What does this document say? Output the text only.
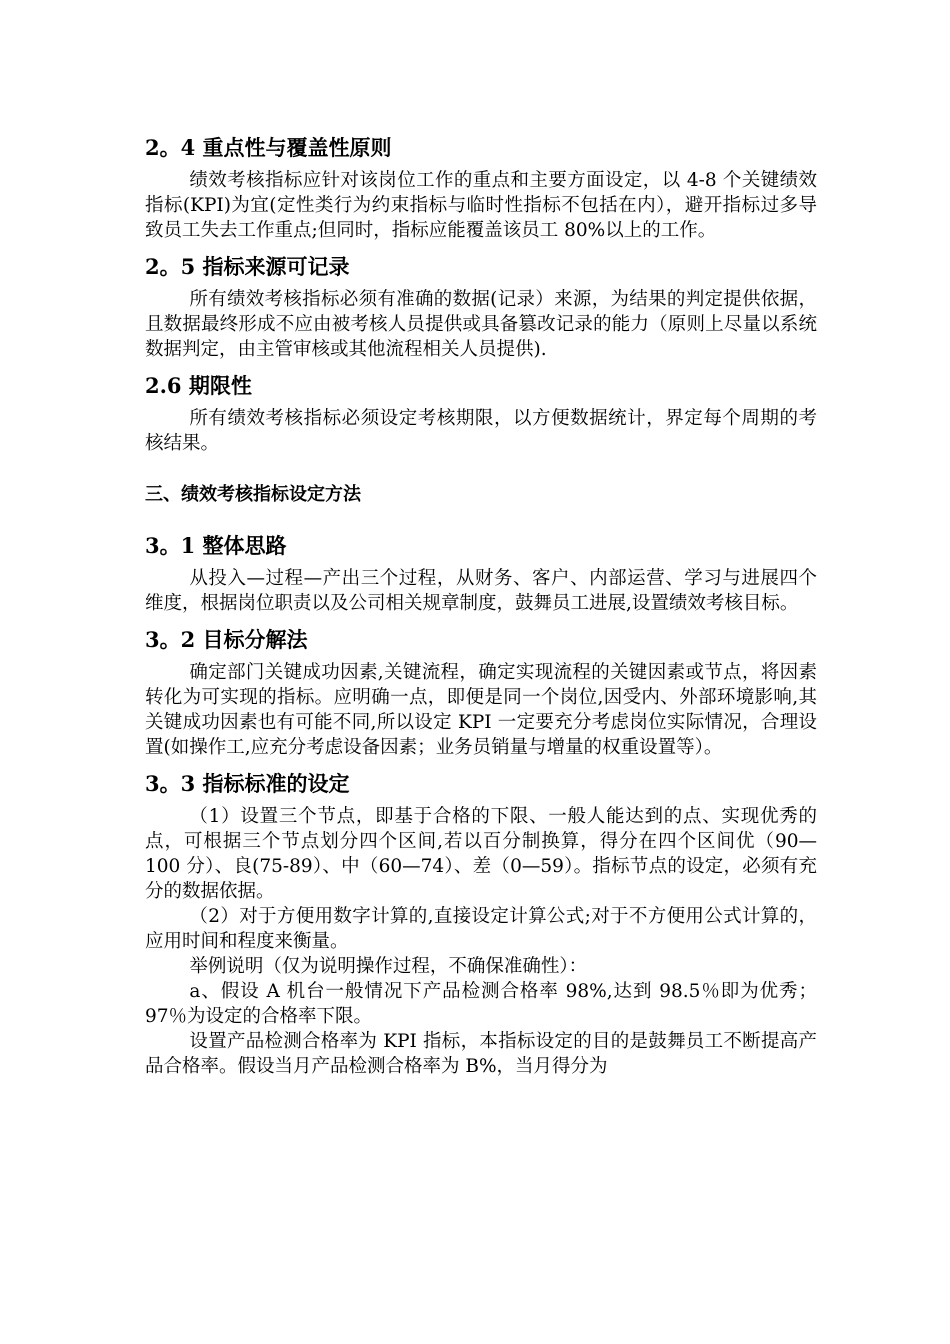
2。4 重点性与覆盖性原则

绩效考核指标应针对该岗位工作的重点和主要方面设定，以 4-8 个关键绩效指标(KPI)为宜(定性类行为约束指标与临时性指标不包括在内），避开指标过多导致员工失去工作重点;但同时，指标应能覆盖该员工 80%以上的工作。

2。5 指标来源可记录

所有绩效考核指标必须有准确的数据(记录）来源，为结果的判定提供依据，且数据最终形成不应由被考核人员提供或具备篡改记录的能力（原则上尽量以系统数据判定，由主管审核或其他流程相关人员提供).

2.6 期限性

所有绩效考核指标必须设定考核期限，以方便数据统计，界定每个周期的考核结果。

三、绩效考核指标设定方法
3。1 整体思路

从投入—过程—产出三个过程，从财务、客户、内部运营、学习与进展四个维度，根据岗位职责以及公司相关规章制度，鼓舞员工进展,设置绩效考核目标。

3。2 目标分解法

确定部门关键成功因素,关键流程，确定实现流程的关键因素或节点，将因素转化为可实现的指标。应明确一点，即便是同一个岗位,因受内、外部环境影响,其关键成功因素也有可能不同,所以设定 KPI 一定要充分考虑岗位实际情况，合理设置(如操作工,应充分考虑设备因素；业务员销量与增量的权重设置等）。

3。3 指标标准的设定

（1）设置三个节点，即基于合格的下限、一般人能达到的点、实现优秀的点，可根据三个节点划分四个区间,若以百分制换算，得分在四个区间优（90—100 分）、良(75-89）、中（60—74）、差（0—59）。指标节点的设定，必须有充分的数据依据。

（2）对于方便用数字计算的,直接设定计算公式;对于不方便用公式计算的，应用时间和程度来衡量。

举例说明（仅为说明操作过程，不确保准确性）：

a、假设 A 机台一般情况下产品检测合格率 98%,达到 98.5％即为优秀；97％为设定的合格率下限。

设置产品检测合格率为 KPI 指标，本指标设定的目的是鼓舞员工不断提高产品合格率。假设当月产品检测合格率为 B%，当月得分为
